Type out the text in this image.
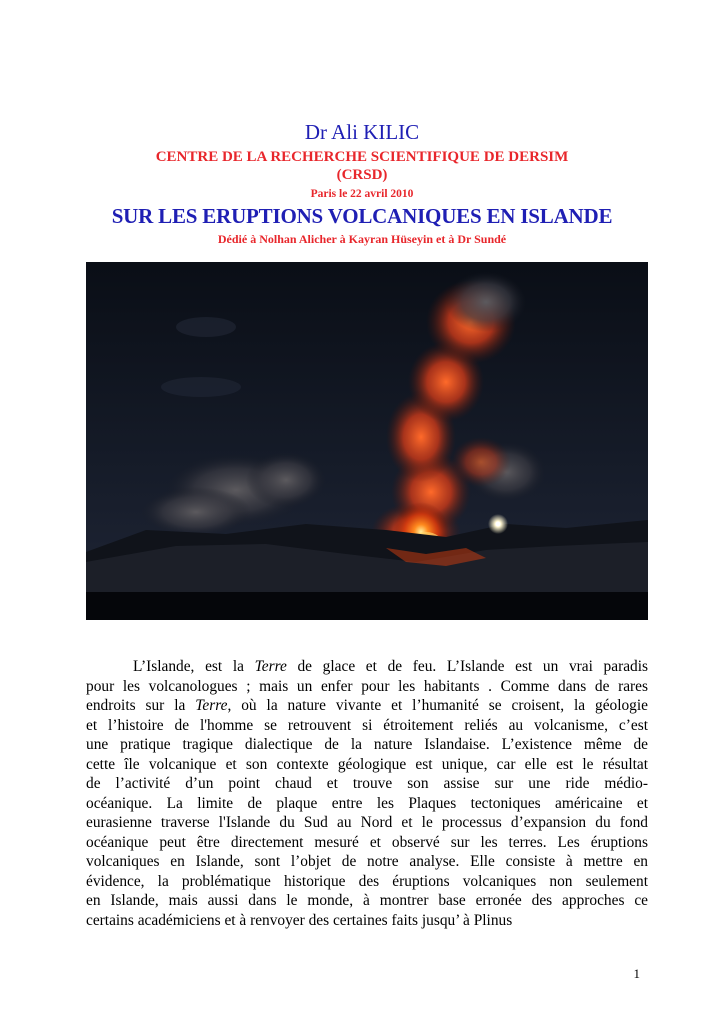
Dr Ali KILIC
CENTRE DE LA RECHERCHE SCIENTIFIQUE DE DERSIM
(CRSD)
Paris le 22 avril 2010
SUR LES ERUPTIONS VOLCANIQUES EN ISLANDE
Dédié à Nolhan Alicher à Kayran Hüseyin et à Dr Sundé
L’Islande, est la Terre de glace et de feu. L’Islande est un vrai paradis
pour les volcanologues ; mais un enfer pour les habitants . Comme dans de rares
endroits sur la Terre, où la nature vivante et l’humanité se croisent, la géologie
et l’histoire de l'homme se retrouvent si étroitement reliés au volcanisme, c’est
une pratique tragique dialectique de la nature Islandaise. L’existence même de
cette île volcanique et son contexte géologique est unique, car elle est le résultat
de l’activité d’un point chaud et trouve son assise sur une ride médio-
océanique. La limite de plaque entre les Plaques tectoniques américaine et
eurasienne traverse l'Islande du Sud au Nord et le processus d’expansion du fond
océanique peut être directement mesuré et observé sur les terres. Les éruptions
volcaniques en Islande, sont l’objet de notre analyse. Elle consiste à mettre en
évidence, la problématique historique des éruptions volcaniques non seulement
en Islande, mais aussi dans le monde, à montrer base erronée des approches ce
certains académiciens et à renvoyer des certaines faits jusqu’ à Plinus
1
